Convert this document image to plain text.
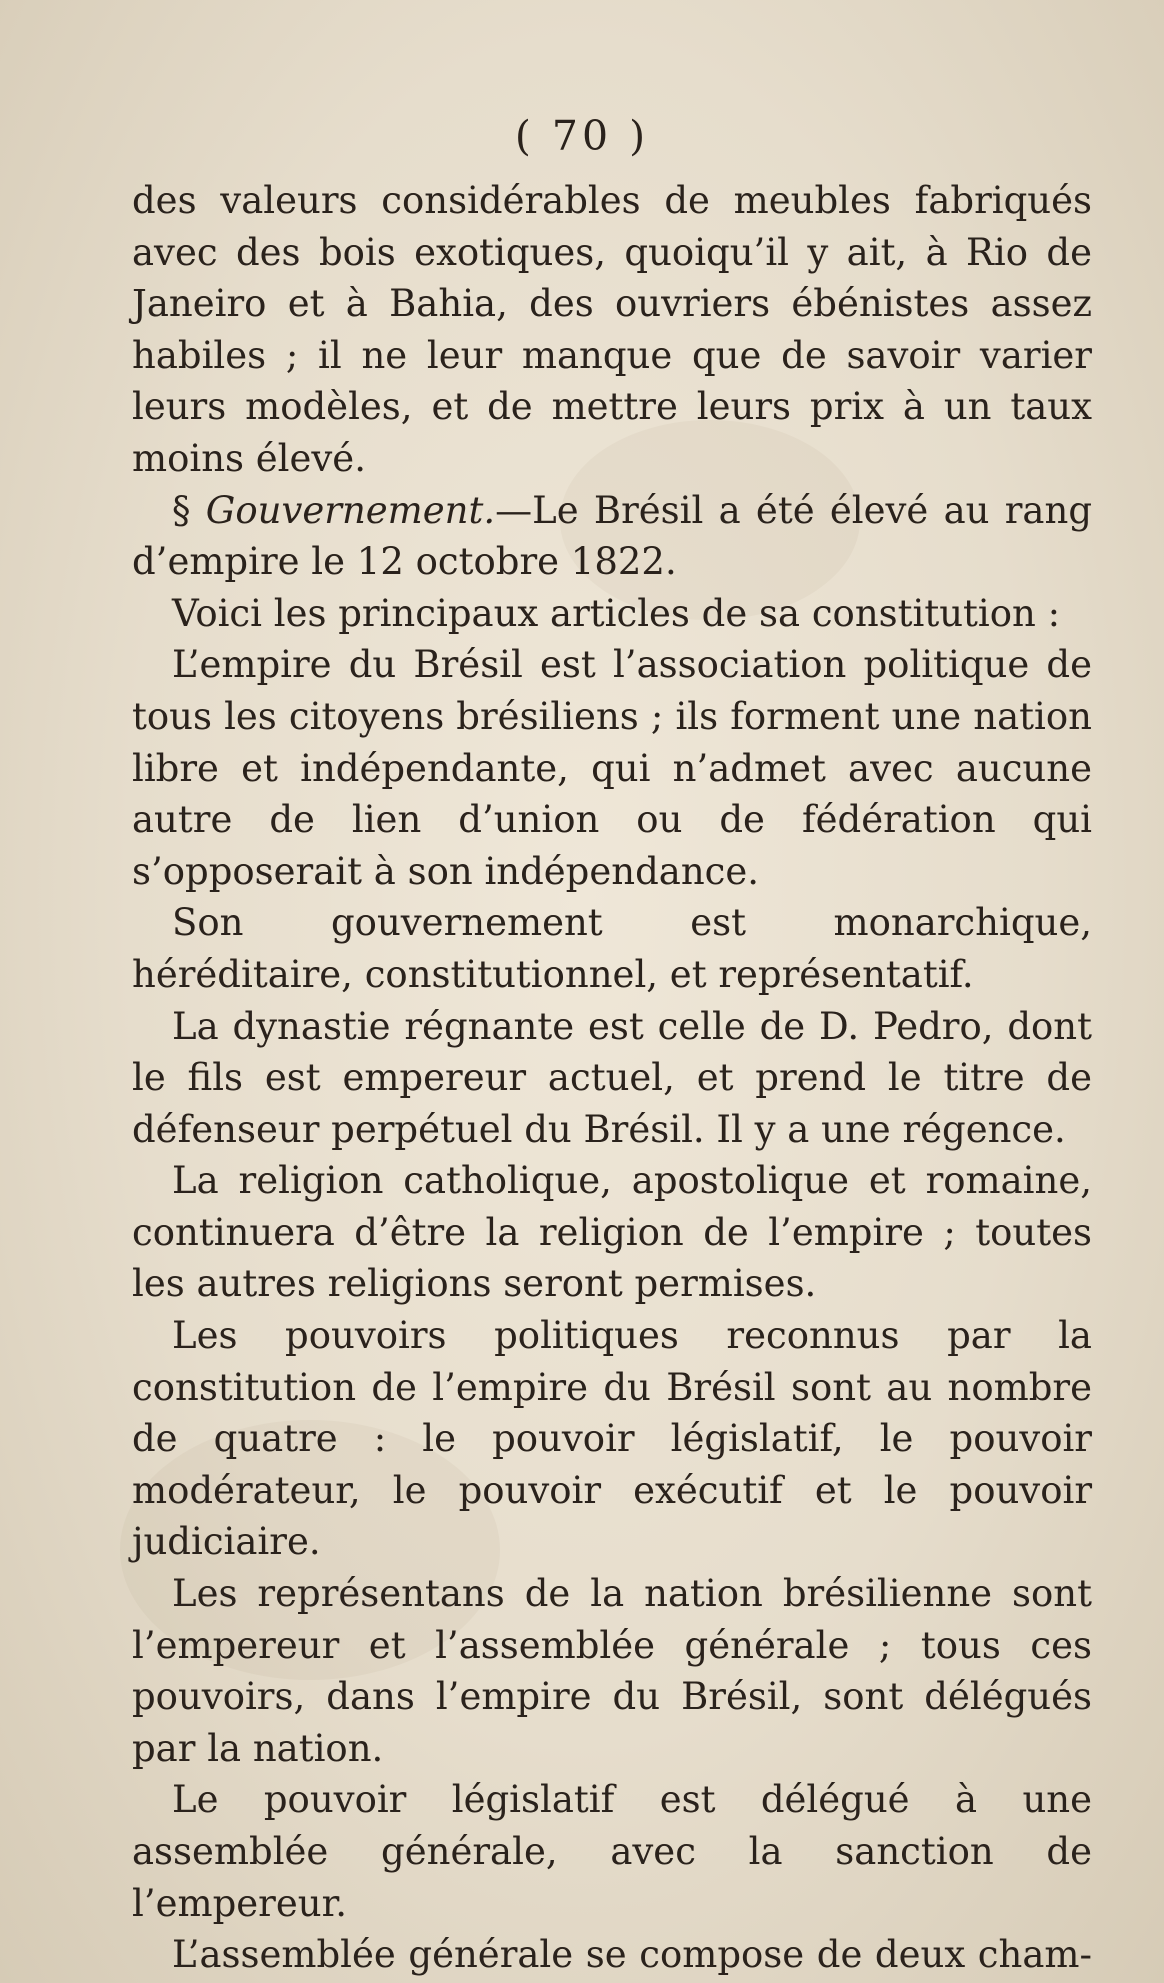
( 70 )

des valeurs considérables de meubles fabriqués avec des bois exotiques, quoiqu’il y ait, à Rio de Janeiro et à Bahia, des ouvriers ébénistes assez habiles ; il ne leur manque que de savoir varier leurs modèles, et de mettre leurs prix à un taux moins élevé.

§ Gouvernement.—Le Brésil a été élevé au rang d’empire le 12 octobre 1822.

Voici les principaux articles de sa constitution :

L’empire du Brésil est l’association politique de tous les citoyens brésiliens ; ils forment une nation libre et indépendante, qui n’admet avec aucune autre de lien d’union ou de fédération qui s’opposerait à son indépendance.

Son gouvernement est monarchique, héréditaire, constitutionnel, et représentatif.

La dynastie régnante est celle de D. Pedro, dont le fils est empereur actuel, et prend le titre de défenseur perpétuel du Brésil. Il y a une régence.

La religion catholique, apostolique et romaine, continuera d’être la religion de l’empire ; toutes les autres religions seront permises.

Les pouvoirs politiques reconnus par la constitution de l’empire du Brésil sont au nombre de quatre : le pouvoir législatif, le pouvoir modérateur, le pouvoir exécutif et le pouvoir judiciaire.

Les représentans de la nation brésilienne sont l’empereur et l’assemblée générale ; tous ces pouvoirs, dans l’empire du Brésil, sont délégués par la nation.

Le pouvoir législatif est délégué à une assemblée générale, avec la sanction de l’empereur.

L’assemblée générale se compose de deux cham-
